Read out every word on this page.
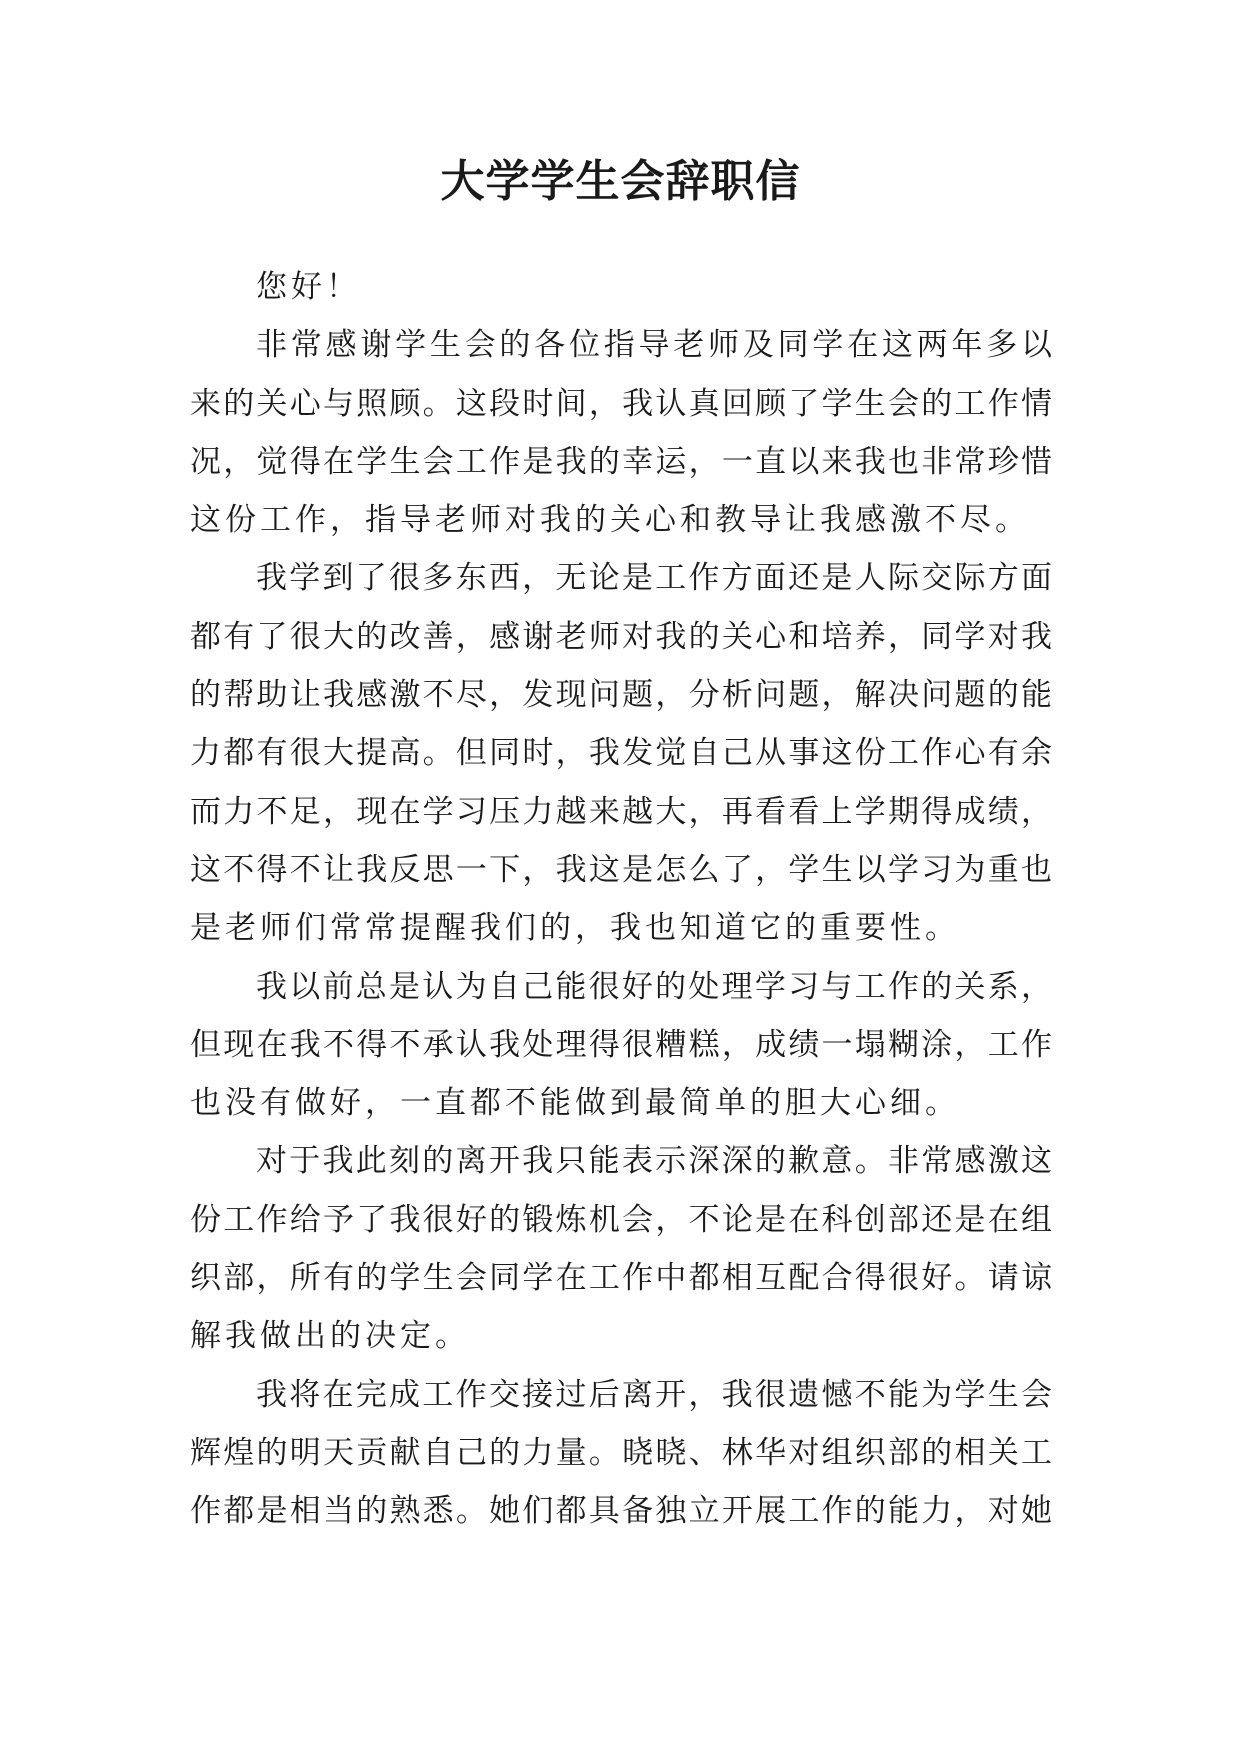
大学学生会辞职信
您好！
非常感谢学生会的各位指导老师及同学在这两年多以
来的关心与照顾。这段时间，我认真回顾了学生会的工作情
况，觉得在学生会工作是我的幸运，一直以来我也非常珍惜
这份工作，指导老师对我的关心和教导让我感激不尽。
我学到了很多东西，无论是工作方面还是人际交际方面
都有了很大的改善，感谢老师对我的关心和培养，同学对我
的帮助让我感激不尽，发现问题，分析问题，解决问题的能
力都有很大提高。但同时，我发觉自己从事这份工作心有余
而力不足，现在学习压力越来越大，再看看上学期得成绩，
这不得不让我反思一下，我这是怎么了，学生以学习为重也
是老师们常常提醒我们的，我也知道它的重要性。
我以前总是认为自己能很好的处理学习与工作的关系，
但现在我不得不承认我处理得很糟糕，成绩一塌糊涂，工作
也没有做好，一直都不能做到最简单的胆大心细。
对于我此刻的离开我只能表示深深的歉意。非常感激这
份工作给予了我很好的锻炼机会，不论是在科创部还是在组
织部，所有的学生会同学在工作中都相互配合得很好。请谅
解我做出的决定。
我将在完成工作交接过后离开，我很遗憾不能为学生会
辉煌的明天贡献自己的力量。晓晓、林华对组织部的相关工
作都是相当的熟悉。她们都具备独立开展工作的能力，对她
